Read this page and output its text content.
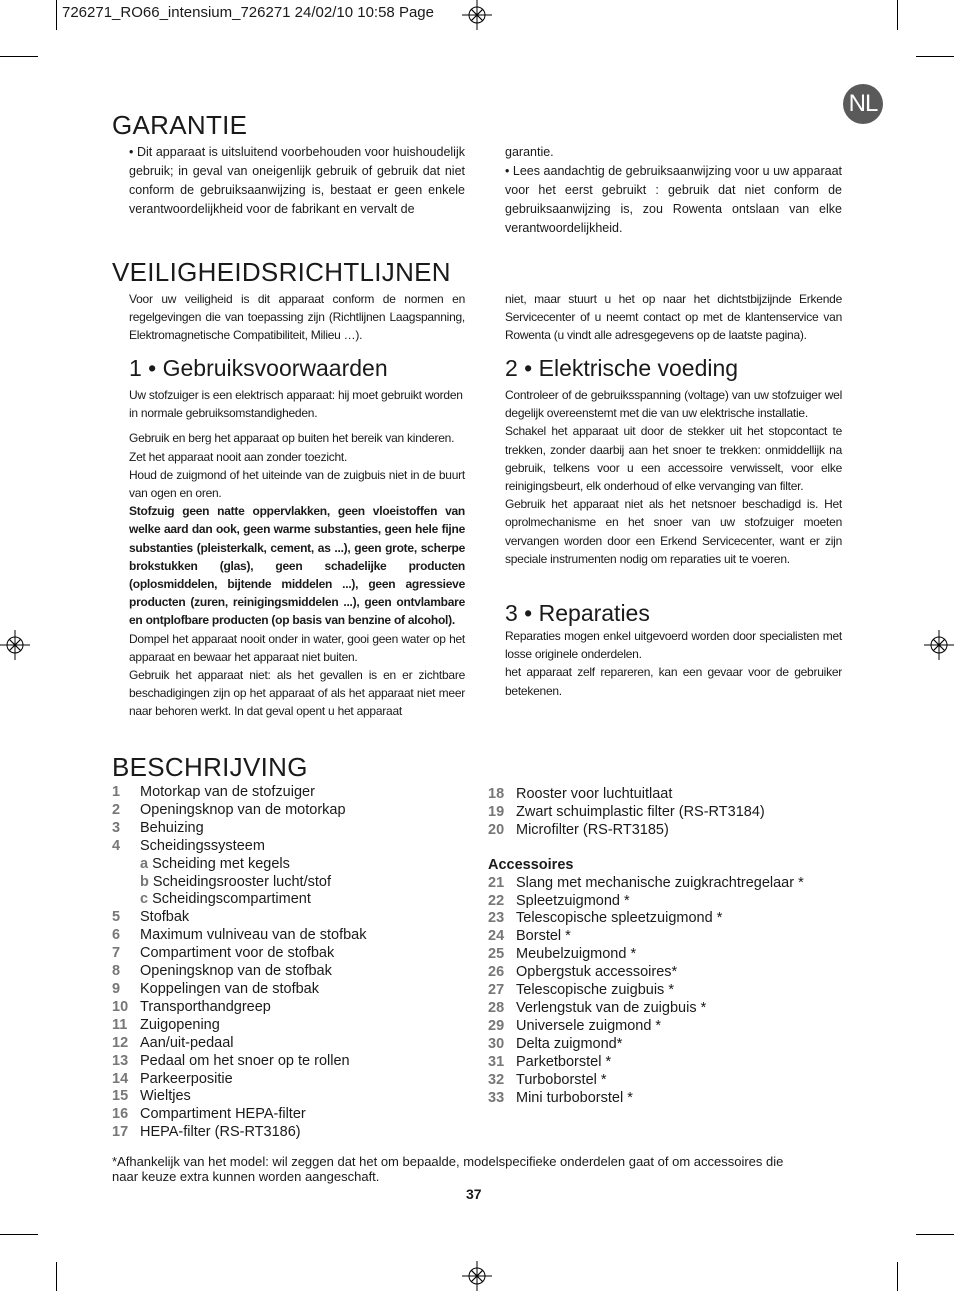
726271_RO66_intensium_726271 24/02/10 10:58 Page
NL
GARANTIE

• Dit apparaat is uitsluitend voorbehouden voor huishoudelijk gebruik; in geval van oneigenlijk gebruik of gebruik dat niet conform de gebruiksaanwijzing is, bestaat er geen enkele verantwoordelijkheid voor de fabrikant en vervalt de

garantie.

• Lees aandachtig de gebruiksaanwijzing voor u uw apparaat voor het eerst gebruikt : gebruik dat niet conform de gebruiksaanwijzing is, zou Rowenta ontslaan van elke verantwoordelijkheid.

VEILIGHEIDSRICHTLIJNEN

Voor uw veiligheid is dit apparaat conform de normen en regelgevingen die van toepassing zijn (Richtlijnen Laagspanning, Elektromagnetische Compatibiliteit, Milieu …).

niet, maar stuurt u het op naar het dichtstbijzijnde Erkende Servicecenter of u neemt contact op met de klantenservice van Rowenta (u vindt alle adresgegevens op de laatste pagina).

1 • Gebruiksvoorwaarden

Uw stofzuiger is een elektrisch apparaat: hij moet gebruikt worden in normale gebruiksomstandigheden.

Gebruik en berg het apparaat op buiten het bereik van kinderen.

Zet het apparaat nooit aan zonder toezicht.

Houd de zuigmond of het uiteinde van de zuigbuis niet in de buurt van ogen en oren.

Stofzuig geen natte oppervlakken, geen vloeistoffen van welke aard dan ook, geen warme substanties, geen hele fijne substanties (pleisterkalk, cement, as ...), geen grote, scherpe brokstukken (glas), geen schadelijke producten (oplosmiddelen, bijtende middelen ...), geen agressieve producten (zuren, reinigingsmiddelen ...), geen ontvlambare en ontplofbare producten (op basis van benzine of alcohol).

Dompel het apparaat nooit onder in water, gooi geen water op het apparaat en bewaar het apparaat niet buiten.

Gebruik het apparaat niet: als het gevallen is en er zichtbare beschadigingen zijn op het apparaat of als het apparaat niet meer naar behoren werkt. In dat geval opent u het apparaat

2 • Elektrische voeding

Controleer of de gebruiksspanning (voltage) van uw stofzuiger wel degelijk overeenstemt met die van uw elektrische installatie.

Schakel het apparaat uit door de stekker uit het stopcontact te trekken, zonder daarbij aan het snoer te trekken: onmiddellijk na gebruik, telkens voor u een accessoire verwisselt, voor elke reinigingsbeurt, elk onderhoud of elke vervanging van filter.

Gebruik het apparaat niet als het netsnoer beschadigd is. Het oprolmechanisme en het snoer van uw stofzuiger moeten vervangen worden door een Erkend Servicecenter, want er zijn speciale instrumenten nodig om reparaties uit te voeren.

3 • Reparaties

Reparaties mogen enkel uitgevoerd worden door specialisten met losse originele onderdelen.

het apparaat zelf repareren, kan een gevaar voor de gebruiker betekenen.

BESCHRIJVING
1	Motorkap van de stofzuiger
2	Openingsknop van de motorkap
3	Behuizing
4	Scheidingssysteem
a Scheiding met kegels
b Scheidingsrooster lucht/stof
c Scheidingscompartiment
5	Stofbak
6	Maximum vulniveau van de stofbak
7	Compartiment voor de stofbak
8	Openingsknop van de stofbak
9	Koppelingen van de stofbak
10 Transporthandgreep
11 Zuigopening
12 Aan/uit-pedaal
13 Pedaal om het snoer op te rollen
14 Parkeerpositie
15 Wieltjes
16 Compartiment HEPA-filter
17 HEPA-filter (RS-RT3186)
18 Rooster voor luchtuitlaat
19 Zwart schuimplastic filter (RS-RT3184)
20 Microfilter (RS-RT3185)
Accessoires
21 Slang met mechanische zuigkrachtregelaar *
22 Spleetzuigmond *
23 Telescopische spleetzuigmond *
24 Borstel *
25 Meubelzuigmond *
26 Opbergstuk accessoires*
27 Telescopische zuigbuis *
28 Verlengstuk van de zuigbuis *
29 Universele zuigmond *
30 Delta zuigmond*
31 Parketborstel *
32 Turboborstel *
33 Mini turboborstel *
*Afhankelijk van het model: wil zeggen dat het om bepaalde, modelspecifieke onderdelen gaat of om accessoires die naar keuze extra kunnen worden aangeschaft.
37
